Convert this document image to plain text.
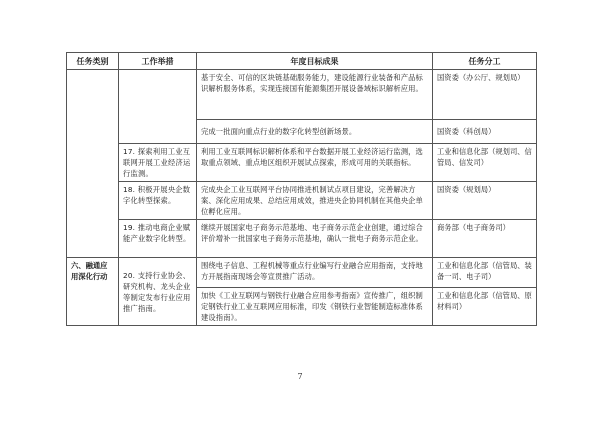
任务类别	工作举措	年度目标成果	任务分工
		基于安全、可信的区块链基础服务能力，建设能源行业装备和产品标识解析服务体系，实现连接国有能源集团开展设备域标识解析应用。	国资委（办公厅、规划局）
		完成一批面向重点行业的数字化转型创新场景。	国资委（科创局）
	17. 探索利用工业互联网开展工业经济运行监测。	利用工业互联网标识解析体系和平台数据开展工业经济运行监测，选取重点领域、重点地区组织开展试点探索，形成可用的关联指标。	工业和信息化部（规划司、信管局、信发司）
	18. 积极开展央企数字化转型探索。	完成央企工业互联网平台协同推进机制试点项目建设，完善解决方案、深化应用成果、总结应用成效，推进央企协同机制在其他央企单位孵化应用。	国资委（规划局）
	19. 推动电商企业赋能产业数字化转型。	继续开展国家电子商务示范基地、电子商务示范企业创建，通过综合评价增补一批国家电子商务示范基地，确认一批电子商务示范企业。	商务部（电子商务司）
六、融通应用深化行动	20. 支持行业协会、研究机构、龙头企业等制定发布行业应用推广指南。	围绕电子信息、工程机械等重点行业编写行业融合应用指南，支持地方开展指南现场会等宣贯推广活动。	工业和信息化部（信管局、装备一司、电子司）
		加快《工业互联网与钢铁行业融合应用参考指南》宣传推广，组织制定钢铁行业工业互联网应用标准，印发《钢铁行业智能制造标准体系建设指南》。	工业和信息化部（信管局、原材料司）
7
